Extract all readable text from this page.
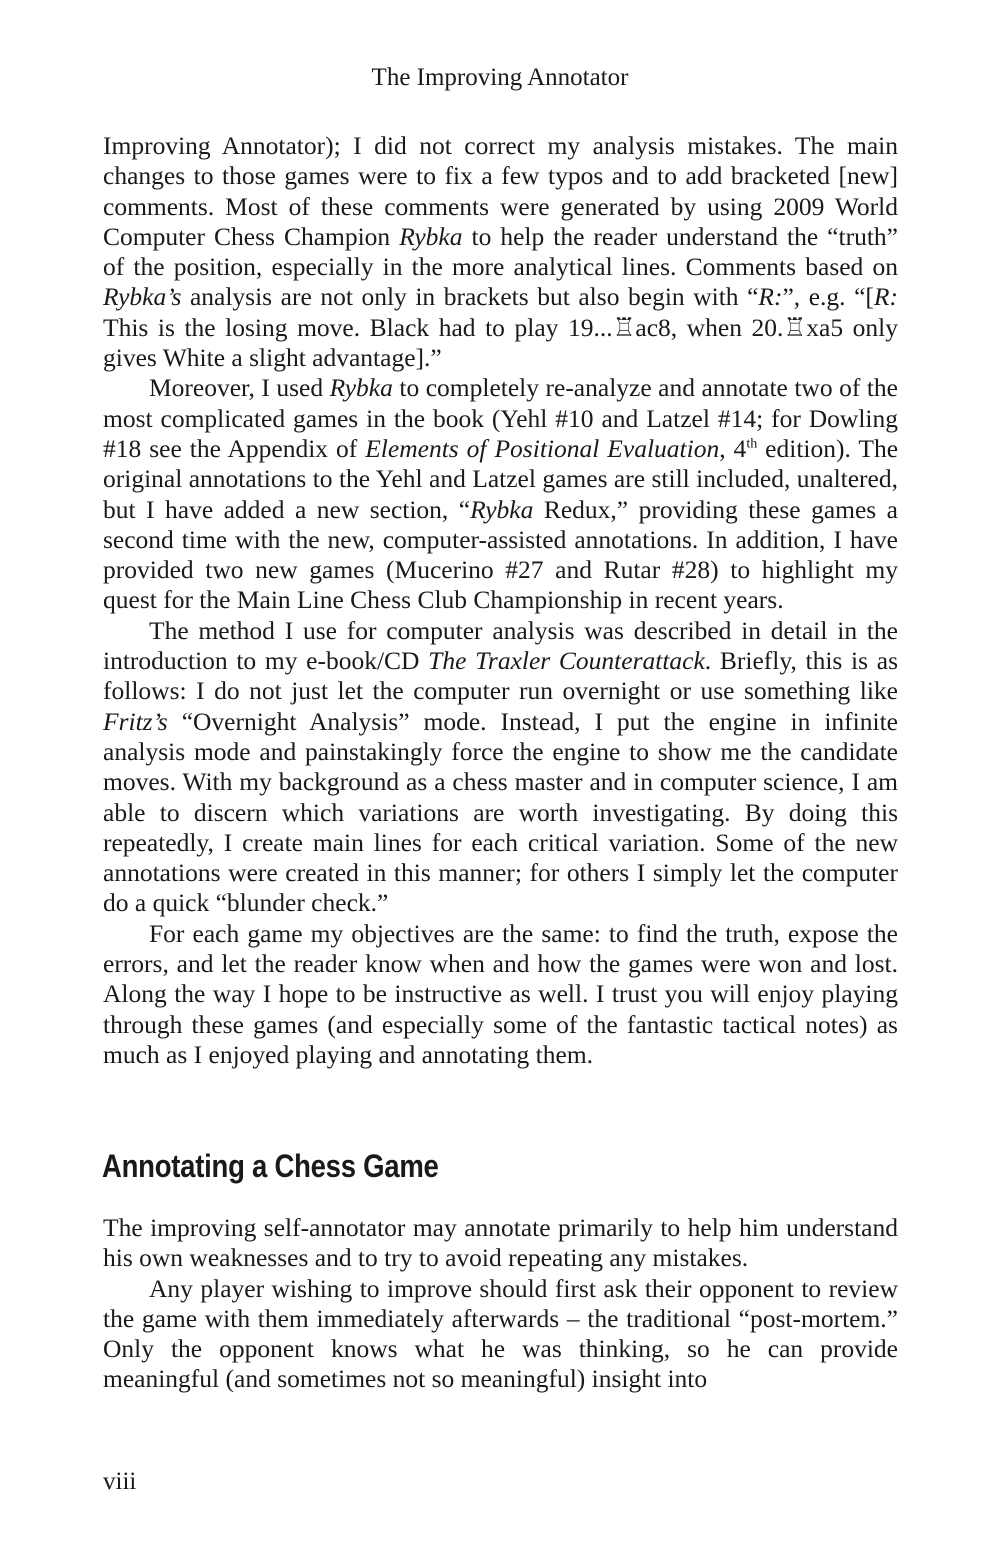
The Improving Annotator

Improving Annotator); I did not correct my analysis mistakes. The main changes to those games were to fix a few typos and to add bracketed [new] comments. Most of these comments were generated by using 2009 World Computer Chess Champion Rybka to help the reader understand the “truth” of the position, especially in the more analytical lines. Comments based on Rybka’s analysis are not only in brackets but also begin with “R:”, e.g. “[R: This is the losing move. Black had to play 19...♖ac8, when 20.♖xa5 only gives White a slight advantage].”

Moreover, I used Rybka to completely re-analyze and annotate two of the most complicated games in the book (Yehl #10 and Latzel #14; for Dowling #18 see the Appendix of Elements of Positional Evaluation, 4th edition). The original annotations to the Yehl and Latzel games are still included, unaltered, but I have added a new section, “Rybka Redux,” providing these games a second time with the new, computer-assisted annotations. In addition, I have provided two new games (Mucerino #27 and Rutar #28) to highlight my quest for the Main Line Chess Club Championship in recent years.

The method I use for computer analysis was described in detail in the introduction to my e-book/CD The Traxler Counterattack. Briefly, this is as follows: I do not just let the computer run overnight or use something like Fritz’s “Overnight Analysis” mode. Instead, I put the engine in infinite analysis mode and painstakingly force the engine to show me the candidate moves. With my background as a chess master and in computer science, I am able to discern which variations are worth investigating. By doing this repeatedly, I create main lines for each critical variation. Some of the new annotations were created in this manner; for others I simply let the computer do a quick “blunder check.”

For each game my objectives are the same: to find the truth, expose the errors, and let the reader know when and how the games were won and lost. Along the way I hope to be instructive as well. I trust you will enjoy playing through these games (and especially some of the fantastic tactical notes) as much as I enjoyed playing and annotating them.

Annotating a Chess Game

The improving self-annotator may annotate primarily to help him understand his own weaknesses and to try to avoid repeating any mistakes.

Any player wishing to improve should first ask their opponent to review the game with them immediately afterwards – the traditional “post-mortem.” Only the opponent knows what he was thinking, so he can provide meaningful (and sometimes not so meaningful) insight into

viii
